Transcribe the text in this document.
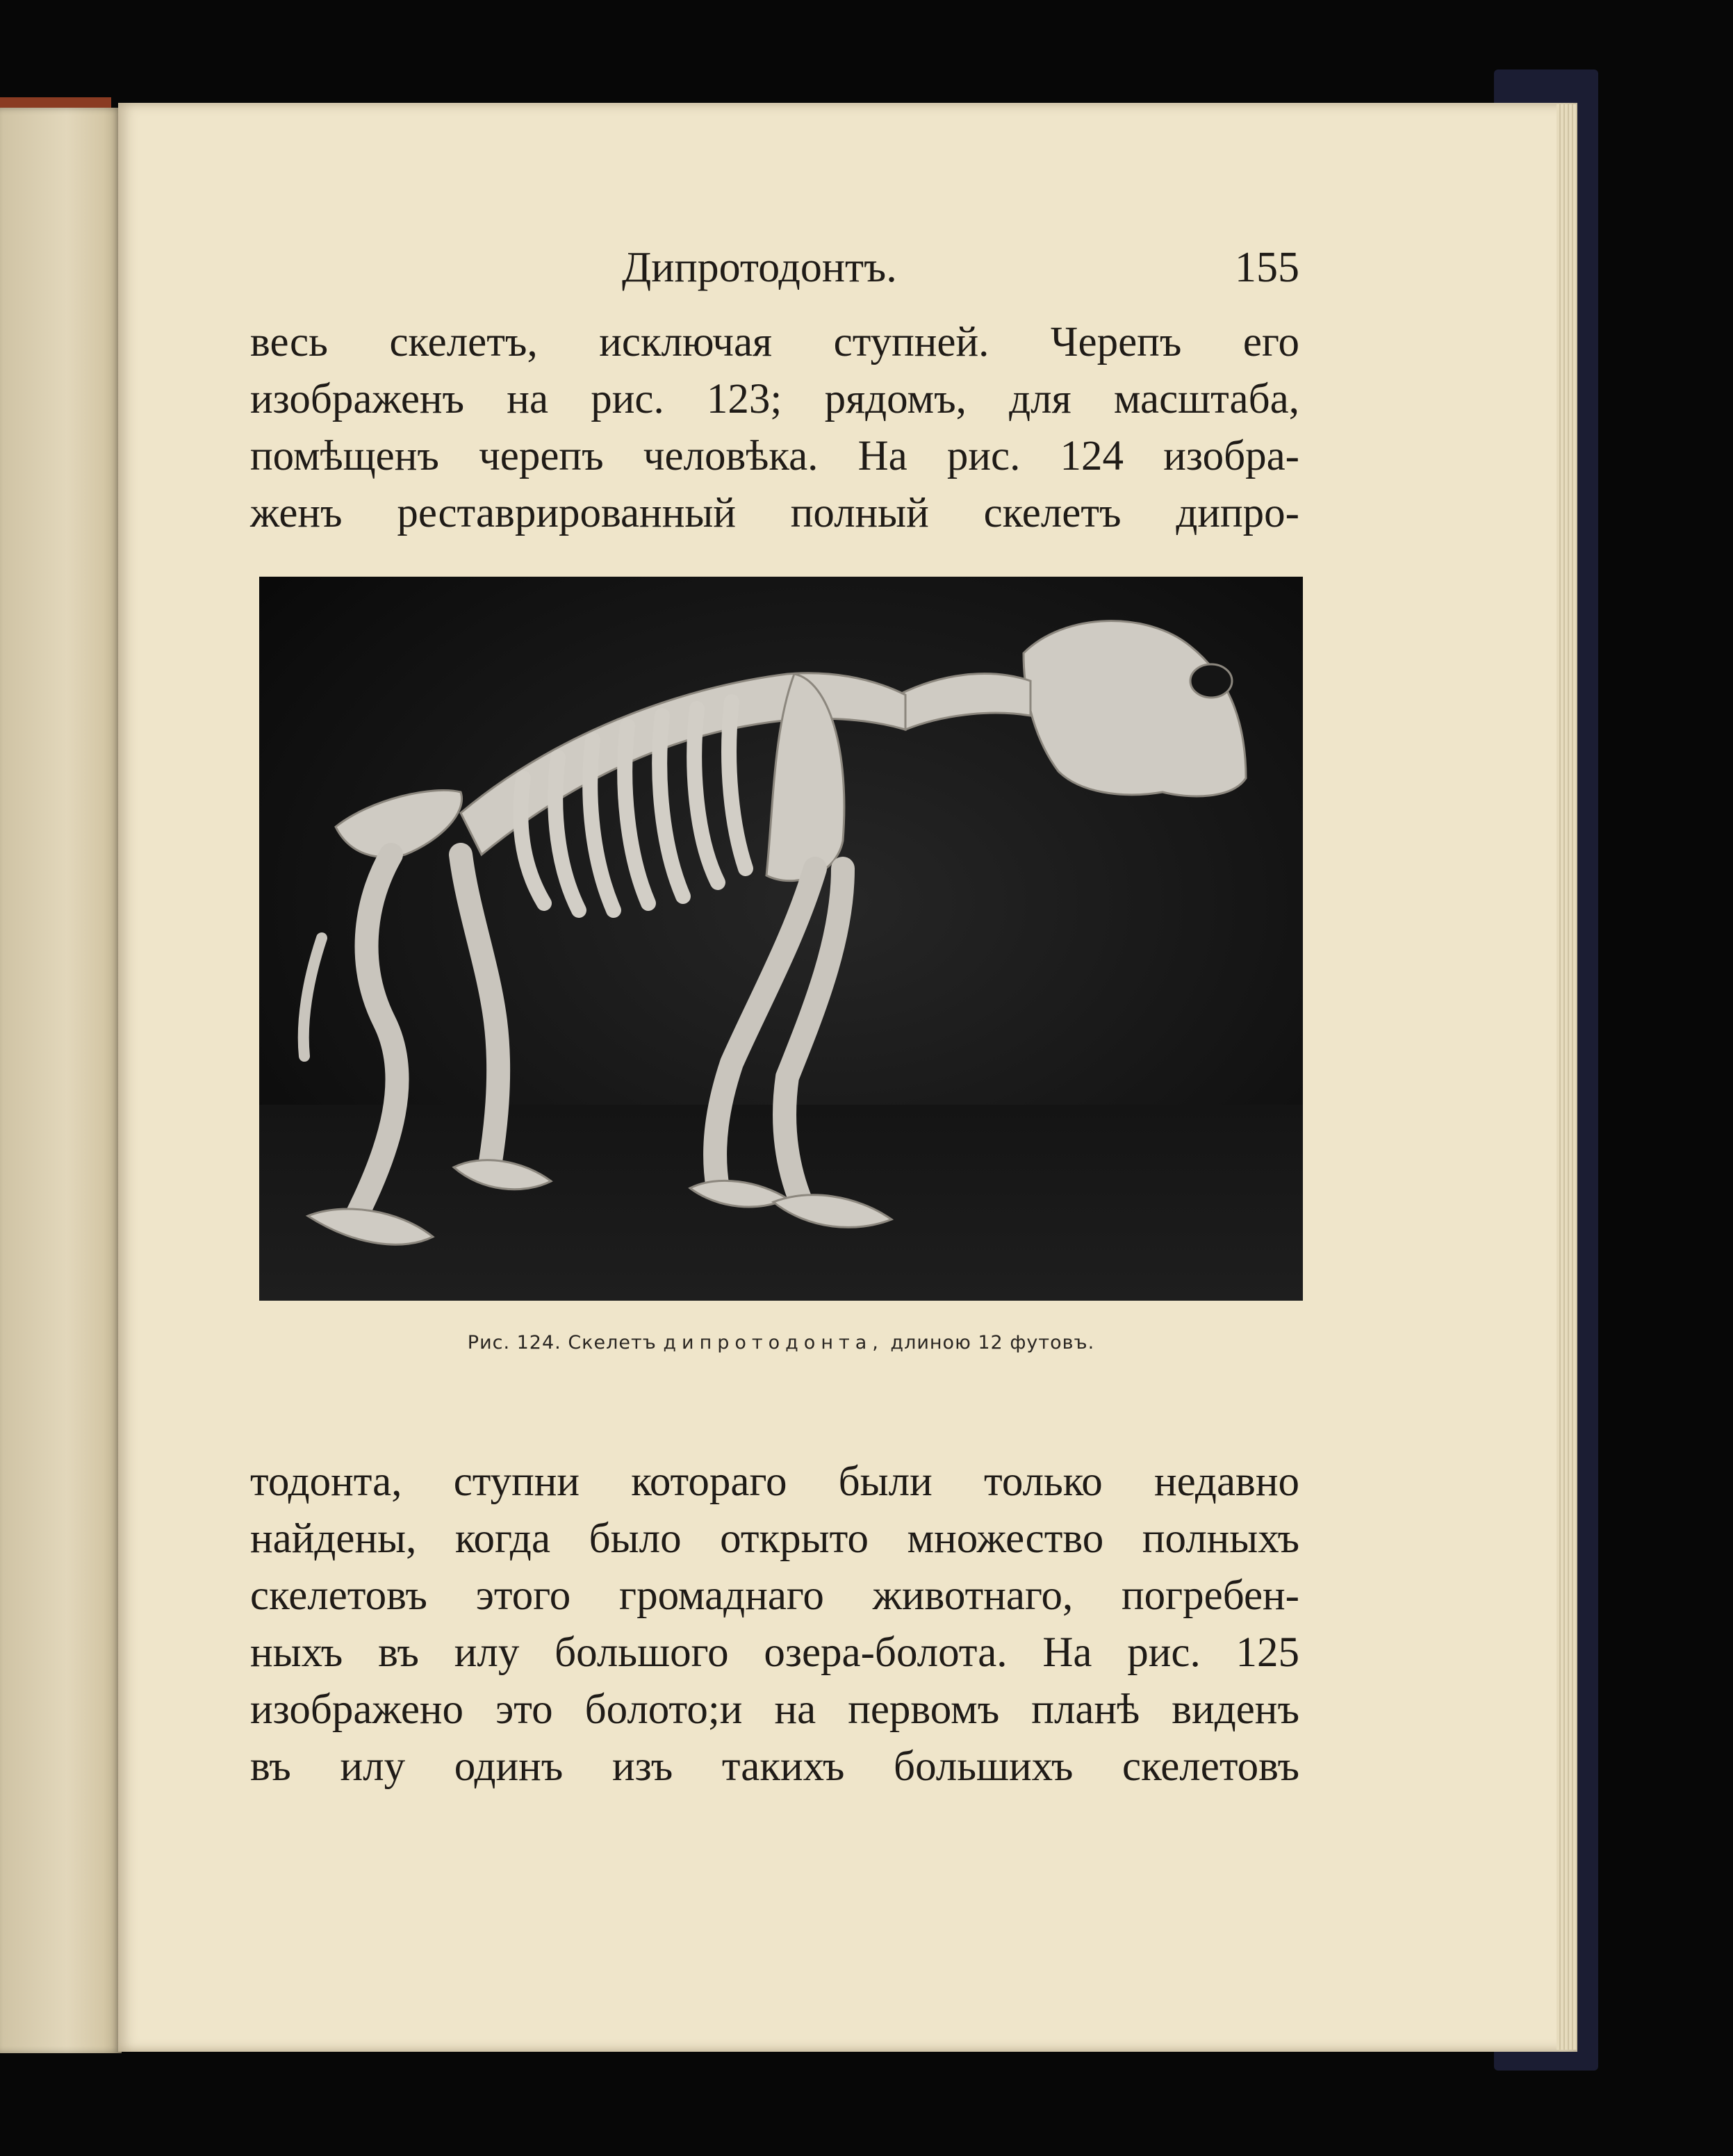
Дипротодонтъ.	155
весь скелетъ, исключая ступней. Черепъ его
изображенъ на рис. 123; рядомъ, для масштаба,
помѣщенъ черепъ человѣка. На рис. 124 изобра-
женъ реставрированный полный скелетъ дипро-
Рис. 124. Скелетъ дипротодонта, длиною 12 футовъ.
тодонта, ступни котораго были только недавно
найдены, когда было открыто множество полныхъ
скелетовъ этого громаднаго животнаго, погребен-
ныхъ въ илу большого озера-болота. На рис. 125
изображено это болото;и на первомъ планѣ виденъ
въ илу одинъ изъ такихъ большихъ скелетовъ
